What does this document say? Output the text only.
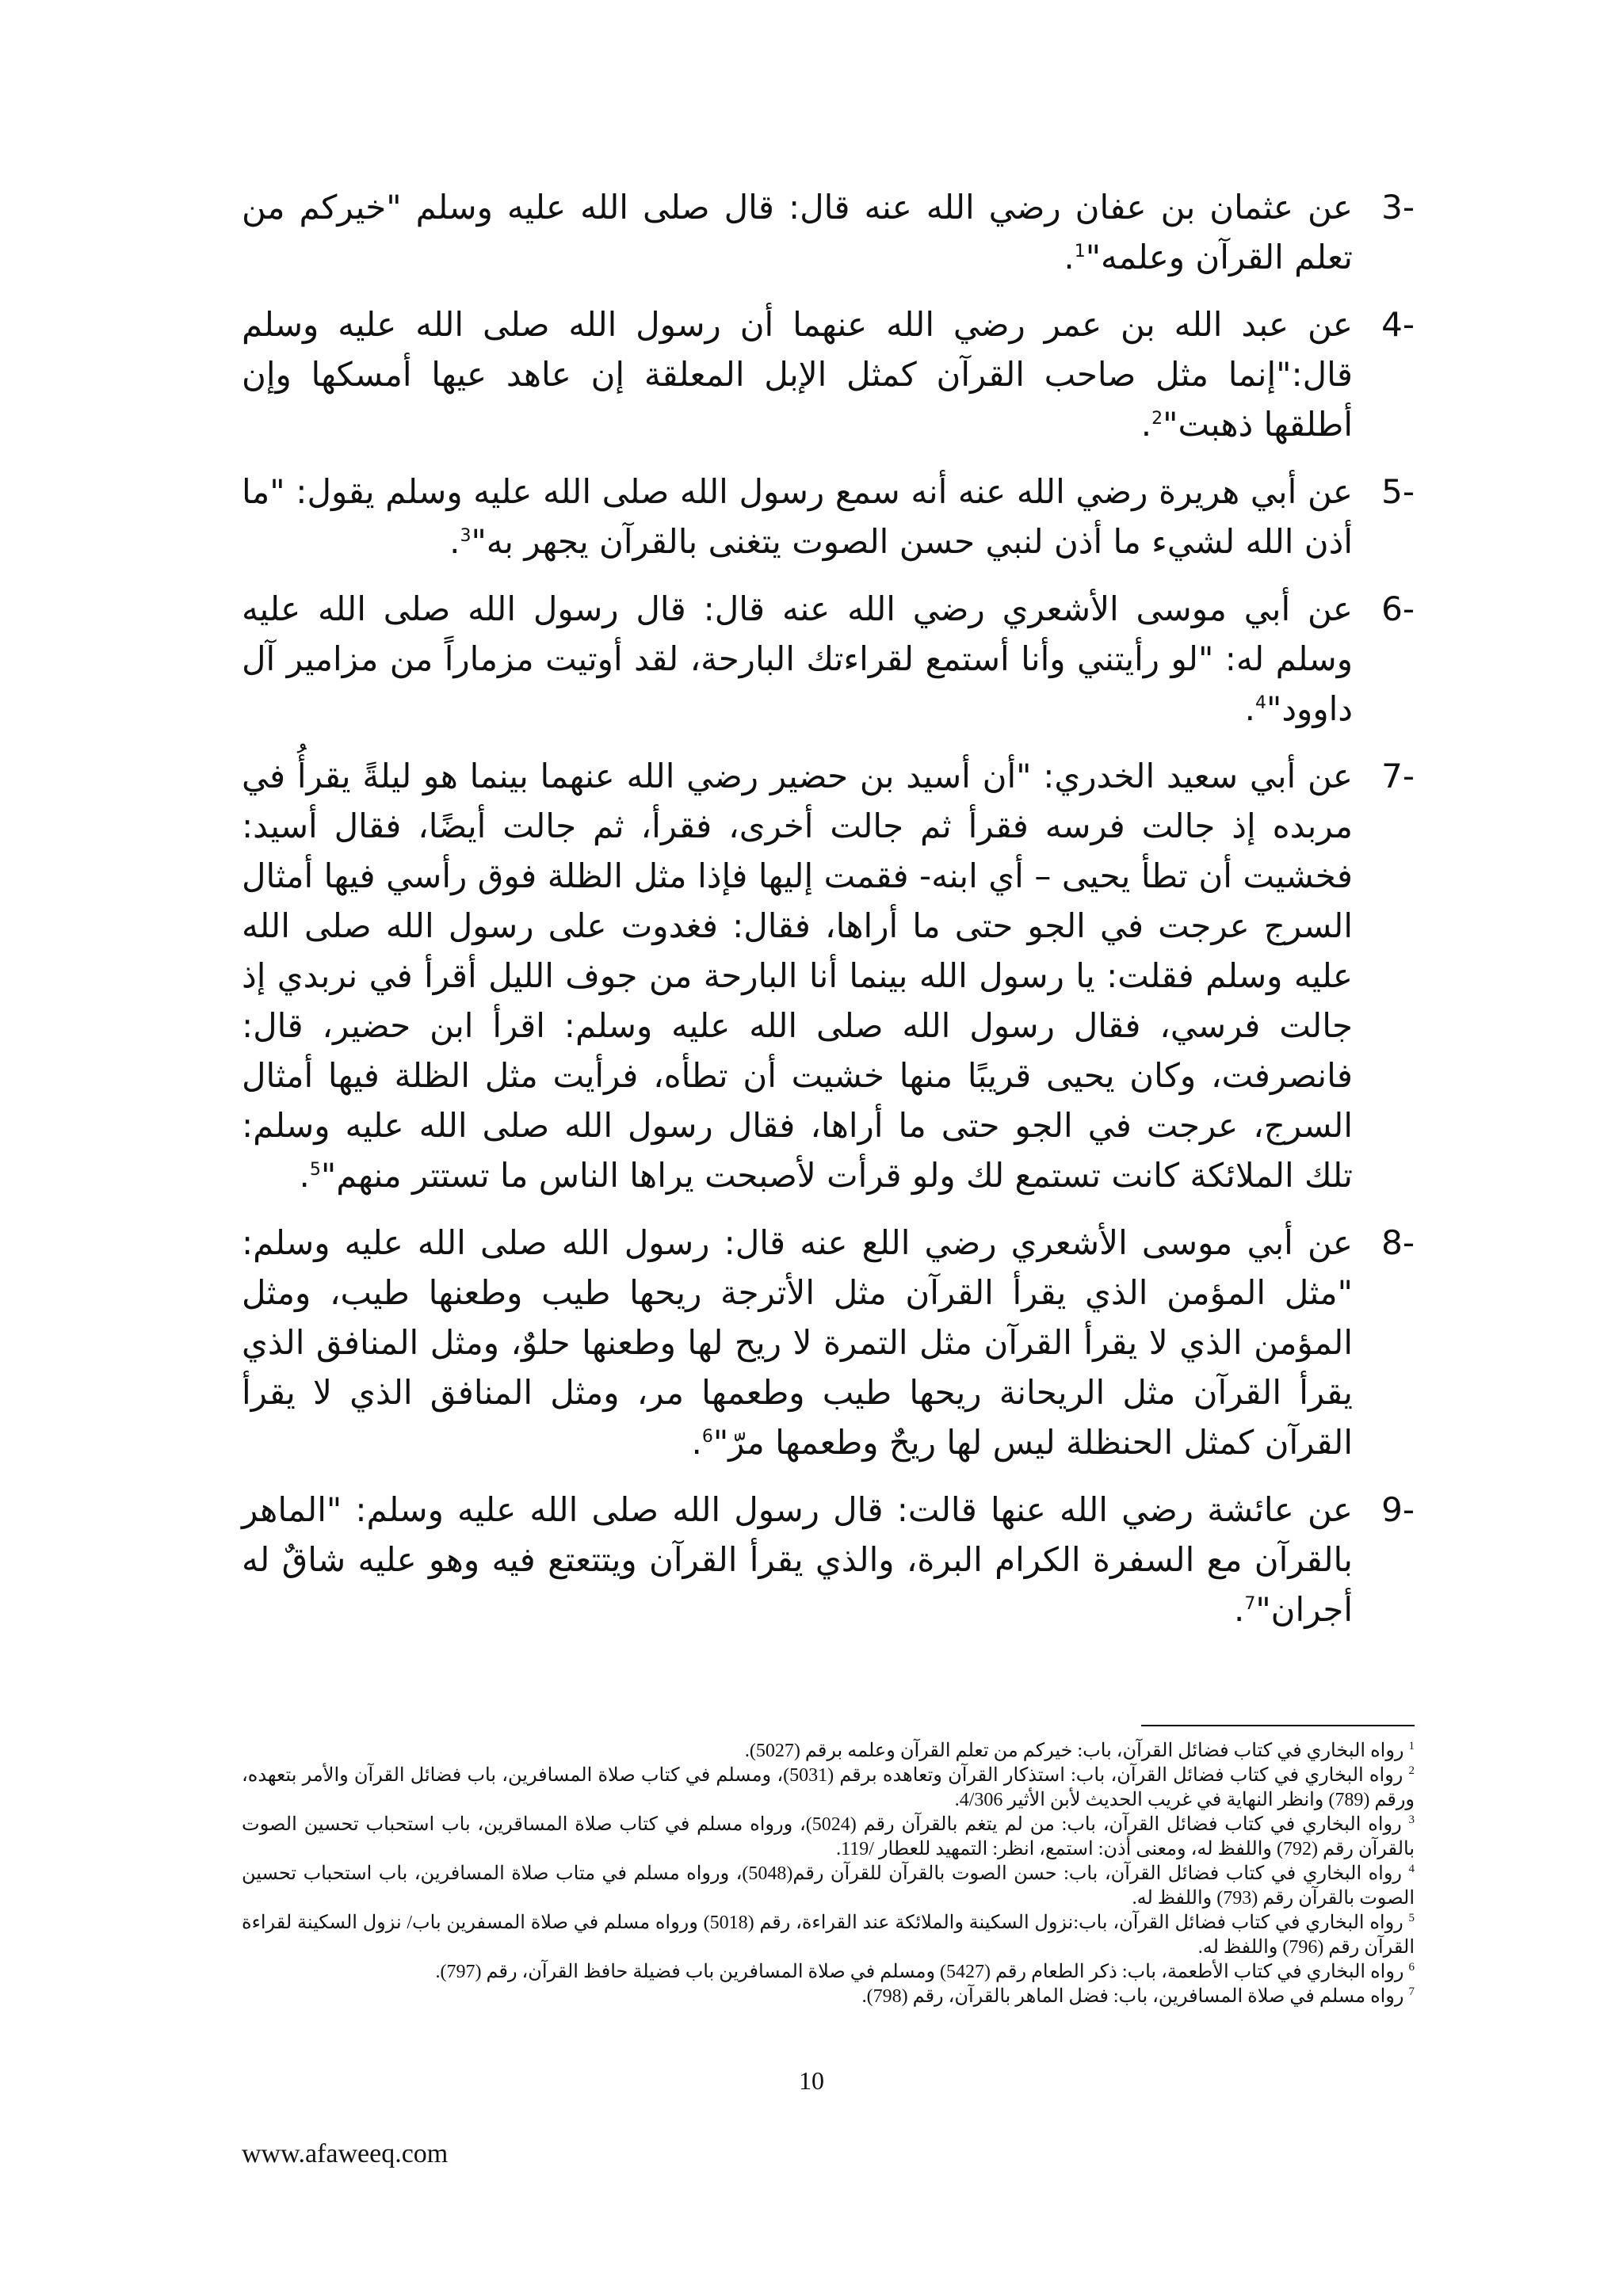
-3
عن عثمان بن عفان رضي الله عنه قال: قال صلى الله عليه وسلم "خيركم من تعلم القرآن وعلمه"$^1$.
-4
عن عبد الله بن عمر رضي الله عنهما أن رسول الله صلى الله عليه وسلم قال:"إنما مثل صاحب القرآن كمثل الإبل المعلقة إن عاهد عيها أمسكها وإن أطلقها ذهبت"$^2$.
-5
عن أبي هريرة رضي الله عنه أنه سمع رسول الله صلى الله عليه وسلم يقول: "ما أذن الله لشيء ما أذن لنبي حسن الصوت يتغنى بالقرآن يجهر به"$^3$.
-6
عن أبي موسى الأشعري رضي الله عنه قال: قال رسول الله صلى الله عليه وسلم له: "لو رأيتني وأنا أستمع لقراءتك البارحة، لقد أوتيت مزماراً من مزامير آل داوود"$^4$.
-7
عن أبي سعيد الخدري: "أن أسيد بن حضير رضي الله عنهما بينما هو ليلةً يقرأُ في مربده إذ جالت فرسه فقرأ ثم جالت أخرى، فقرأ، ثم جالت أيضًا، فقال أسيد: فخشيت أن تطأ يحيى – أي ابنه- فقمت إليها فإذا مثل الظلة فوق رأسي فيها أمثال السرج عرجت في الجو حتى ما أراها، فقال: فغدوت على رسول الله صلى الله عليه وسلم فقلت: يا رسول الله بينما أنا البارحة من جوف الليل أقرأ في نربدي إذ جالت فرسي، فقال رسول الله صلى الله عليه وسلم: اقرأ ابن حضير، قال: فانصرفت، وكان يحيى قريبًا منها خشيت أن تطأه، فرأيت مثل الظلة فيها أمثال السرج، عرجت في الجو حتى ما أراها، فقال رسول الله صلى الله عليه وسلم: تلك الملائكة كانت تستمع لك ولو قرأت لأصبحت يراها الناس ما تستتر منهم"$^5$.
-8
عن أبي موسى الأشعري رضي اللع عنه قال: رسول الله صلى الله عليه وسلم: "مثل المؤمن الذي يقرأ القرآن مثل الأترجة ريحها طيب وطعنها طيب، ومثل المؤمن الذي لا يقرأ القرآن مثل التمرة لا ريح لها وطعنها حلوٌ، ومثل المنافق الذي يقرأ القرآن مثل الريحانة ريحها طيب وطعمها مر، ومثل المنافق الذي لا يقرأ القرآن كمثل الحنظلة ليس لها ريحٌ وطعمها مرّ"$^6$.
-9
عن عائشة رضي الله عنها قالت: قال رسول الله صلى الله عليه وسلم: "الماهر بالقرآن مع السفرة الكرام البرة، والذي يقرأ القرآن ويتتعتع فيه وهو عليه شاقٌ له أجران"$^7$.

$^1$ رواه البخاري في كتاب فضائل القرآن، باب: خيركم من تعلم القرآن وعلمه برقم (5027).

$^2$ رواه البخاري في كتاب فضائل القرآن، باب: استذكار القرآن وتعاهده برقم (5031)، ومسلم في كتاب صلاة المسافرين، باب فضائل القرآن والأمر بتعهده، ورقم (789) وانظر النهاية في غريب الحديث لأبن الأثير 4/306.

$^3$ رواه البخاري في كتاب فضائل القرآن، باب: من لم يتغم بالقرآن رقم (5024)، ورواه مسلم في كتاب صلاة المساقرين، باب استحباب تحسين الصوت بالقرآن رقم (792) واللفظ له، ومعنى أذن: استمع، انظر: التمهيد للعطار /119.

$^4$ رواه البخاري في كتاب فضائل القرآن، باب: حسن الصوت بالقرآن للقرآن رقم(5048)، ورواه مسلم في متاب صلاة المسافرين، باب استحباب تحسين الصوت بالقرآن رقم (793) واللفظ له.

$^5$ رواه البخاري في كتاب فضائل القرآن، باب:نزول السكينة والملائكة عند القراءة، رقم (5018) ورواه مسلم في صلاة المسفرين باب/ نزول السكينة لقراءة القرآن رقم (796) واللفظ له.

$^6$ رواه البخاري في كتاب الأطعمة، باب: ذكر الطعام رقم (5427) ومسلم في صلاة المسافرين باب فضيلة حافظ القرآن، رقم (797).

$^7$ رواه مسلم في صلاة المسافرين، باب: فضل الماهر بالقرآن، رقم (798).

10
www.afaweeq.com
